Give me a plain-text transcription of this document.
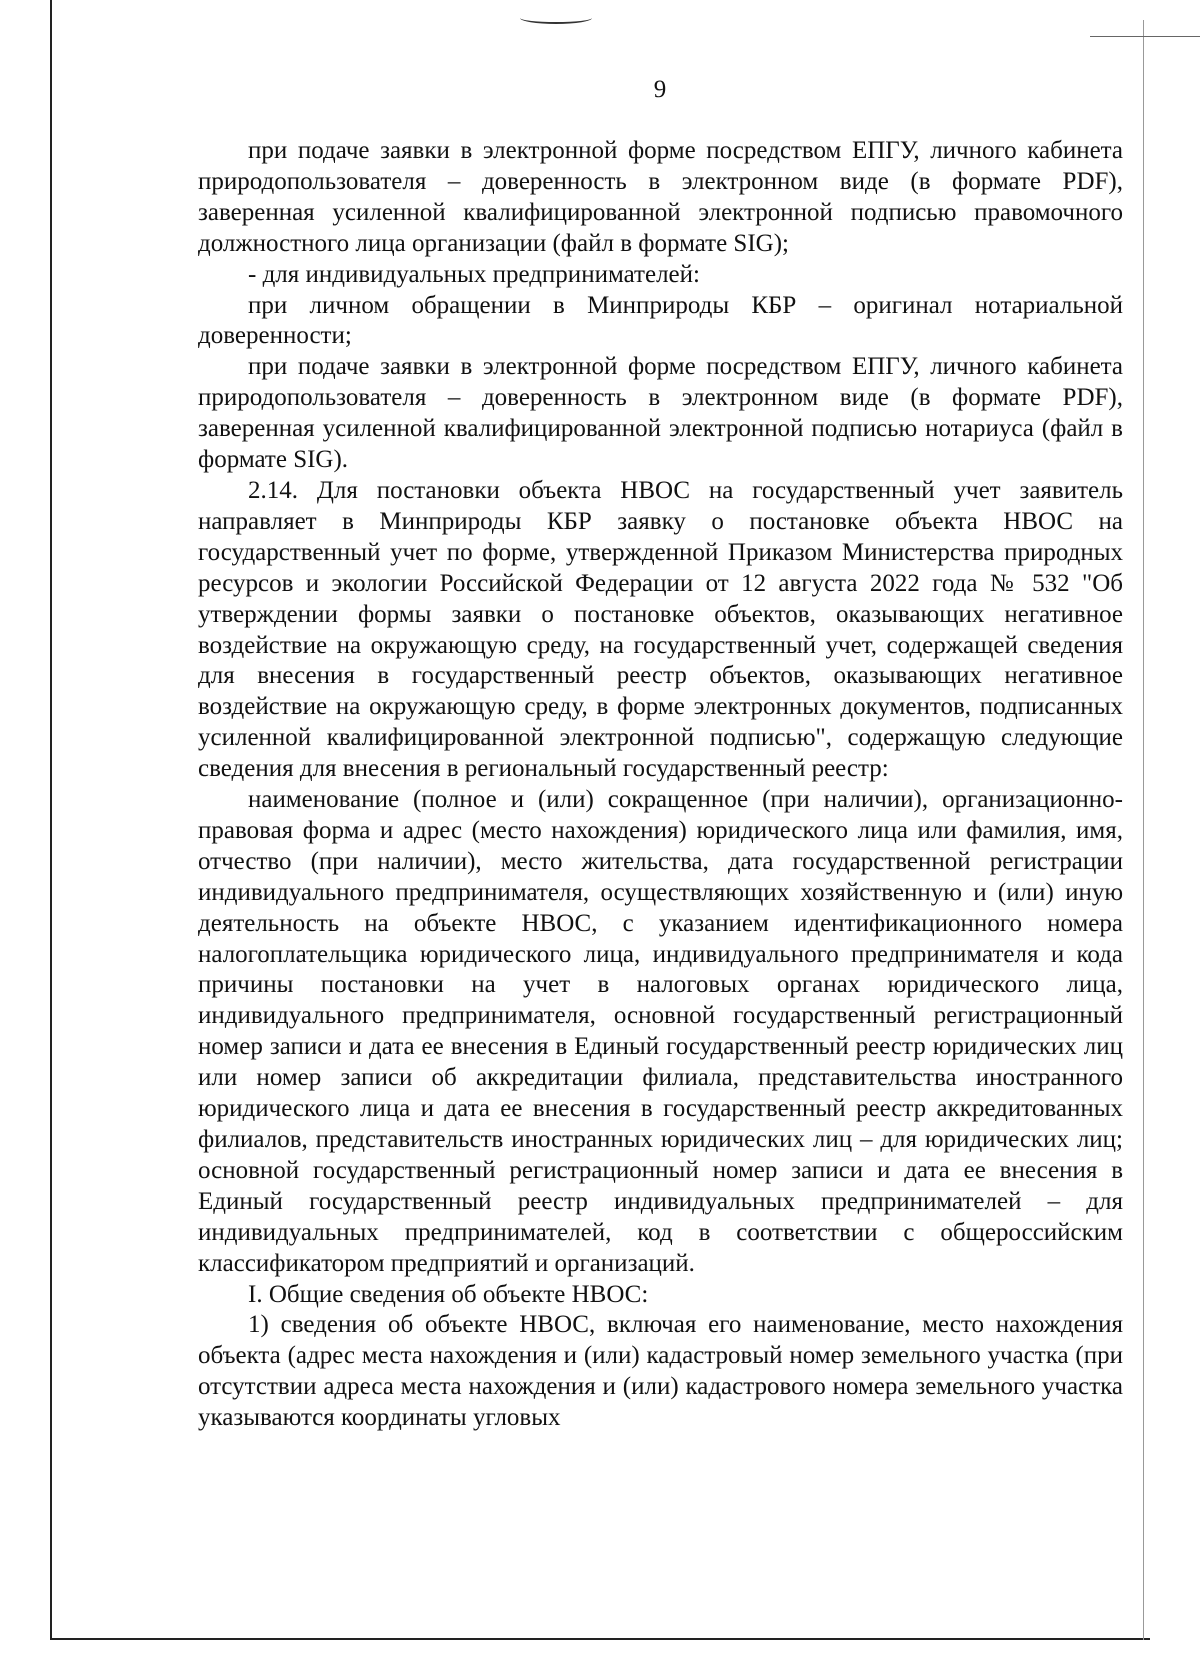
9

при подаче заявки в электронной форме посредством ЕПГУ, личного кабинета природопользователя – доверенность в электронном виде (в формате PDF), заверенная усиленной квалифицированной электронной подписью правомочного должностного лица организации (файл в формате SIG);

- для индивидуальных предпринимателей:

при личном обращении в Минприроды КБР – оригинал нотариальной доверенности;

при подаче заявки в электронной форме посредством ЕПГУ, личного кабинета природопользователя – доверенность в электронном виде (в формате PDF), заверенная усиленной квалифицированной электронной подписью нотариуса (файл в формате SIG).

2.14. Для постановки объекта НВОС на государственный учет заявитель направляет в Минприроды КБР заявку о постановке объекта НВОС на государственный учет по форме, утвержденной Приказом Министерства природных ресурсов и экологии Российской Федерации от 12 августа 2022 года № 532 "Об утверждении формы заявки о постановке объектов, оказывающих негативное воздействие на окружающую среду, на государственный учет, содержащей сведения для внесения в государственный реестр объектов, оказывающих негативное воздействие на окружающую среду, в форме электронных документов, подписанных усиленной квалифицированной электронной подписью", содержащую следующие сведения для внесения в региональный государственный реестр:

наименование (полное и (или) сокращенное (при наличии), организационно-правовая форма и адрес (место нахождения) юридического лица или фамилия, имя, отчество (при наличии), место жительства, дата государственной регистрации индивидуального предпринимателя, осуществляющих хозяйственную и (или) иную деятельность на объекте НВОС, с указанием идентификационного номера налогоплательщика юридического лица, индивидуального предпринимателя и кода причины постановки на учет в налоговых органах юридического лица, индивидуального предпринимателя, основной государственный регистрационный номер записи и дата ее внесения в Единый государственный реестр юридических лиц или номер записи об аккредитации филиала, представительства иностранного юридического лица и дата ее внесения в государственный реестр аккредитованных филиалов, представительств иностранных юридических лиц – для юридических лиц; основной государственный регистрационный номер записи и дата ее внесения в Единый государственный реестр индивидуальных предпринимателей – для индивидуальных предпринимателей, код в соответствии с общероссийским классификатором предприятий и организаций.

I. Общие сведения об объекте НВОС:

1) сведения об объекте НВОС, включая его наименование, место нахождения объекта (адрес места нахождения и (или) кадастровый номер земельного участка (при отсутствии адреса места нахождения и (или) кадастрового номера земельного участка указываются координаты угловых
